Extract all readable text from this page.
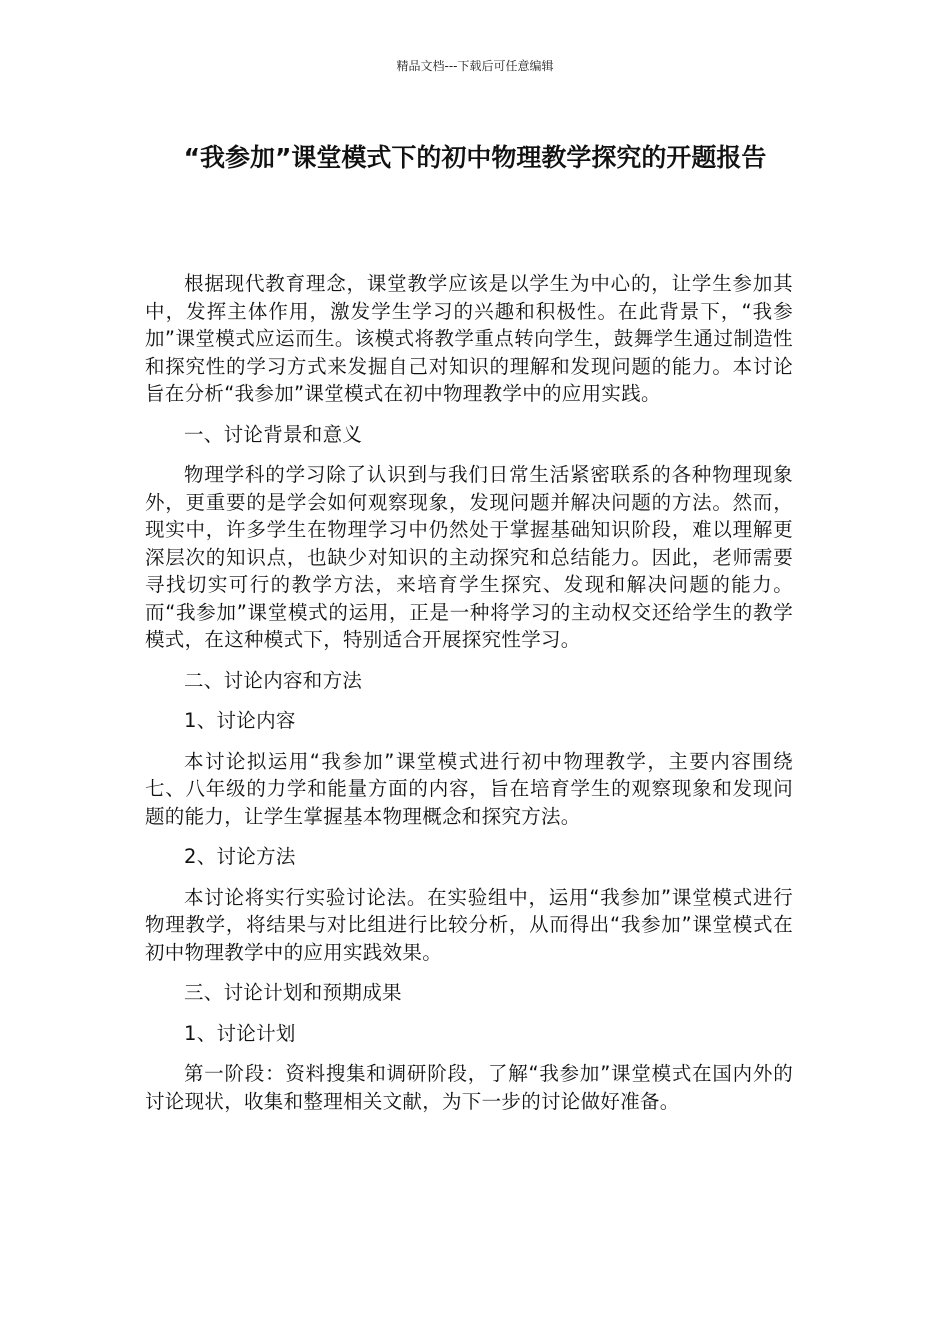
精品文档---下载后可任意编辑
“我参加”课堂模式下的初中物理教学探究的开题报告

根据现代教育理念，课堂教学应该是以学生为中心的，让学生参加其中，发挥主体作用，激发学生学习的兴趣和积极性。在此背景下，“我参加”课堂模式应运而生。该模式将教学重点转向学生，鼓舞学生通过制造性和探究性的学习方式来发掘自己对知识的理解和发现问题的能力。本讨论旨在分析“我参加”课堂模式在初中物理教学中的应用实践。

一、讨论背景和意义

物理学科的学习除了认识到与我们日常生活紧密联系的各种物理现象外，更重要的是学会如何观察现象，发现问题并解决问题的方法。然而，现实中，许多学生在物理学习中仍然处于掌握基础知识阶段，难以理解更深层次的知识点，也缺少对知识的主动探究和总结能力。因此，老师需要寻找切实可行的教学方法，来培育学生探究、发现和解决问题的能力。而“我参加”课堂模式的运用，正是一种将学习的主动权交还给学生的教学模式，在这种模式下，特别适合开展探究性学习。

二、讨论内容和方法

1、讨论内容

本讨论拟运用“我参加”课堂模式进行初中物理教学，主要内容围绕七、八年级的力学和能量方面的内容，旨在培育学生的观察现象和发现问题的能力，让学生掌握基本物理概念和探究方法。

2、讨论方法

本讨论将实行实验讨论法。在实验组中，运用“我参加”课堂模式进行物理教学，将结果与对比组进行比较分析，从而得出“我参加”课堂模式在初中物理教学中的应用实践效果。

三、讨论计划和预期成果

1、讨论计划

第一阶段：资料搜集和调研阶段，了解“我参加”课堂模式在国内外的讨论现状，收集和整理相关文献，为下一步的讨论做好准备。
